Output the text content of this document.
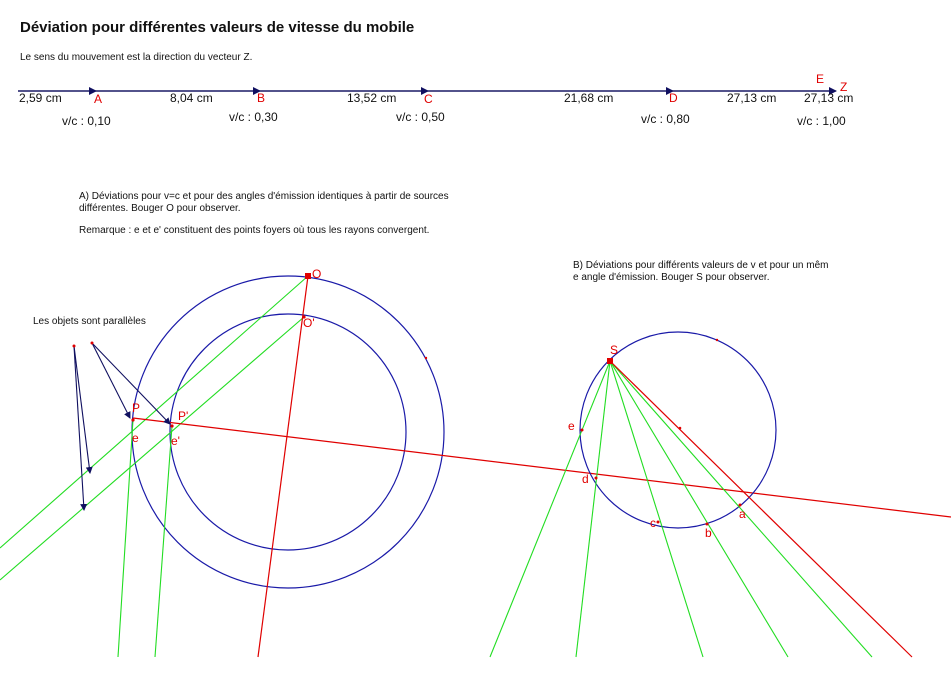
Déviation pour différentes valeurs de vitesse du mobile
Le sens du mouvement est la direction du vecteur Z.
2,59 cm	8,04 cm	13,52 cm	21,68 cm	27,13 cm 27,13 cm
A	B	C	D
E
Z
v/c : 0,10	v/c : 0,30	v/c : 0,50	v/c : 0,80	v/c : 1,00
A) Déviations pour v=c et pour des angles d'émission identiques à partir de sources
différentes. Bouger O pour observer.
Remarque : e et e' constituent des points foyers où tous les rayons convergent.
Les objets sont parallèles
O
O'
P
P'
e	e'
B) Déviations pour différents valeurs de v et pour un mêm
e angle d'émission. Bouger S pour observer.
S
e
d
c
b
a
